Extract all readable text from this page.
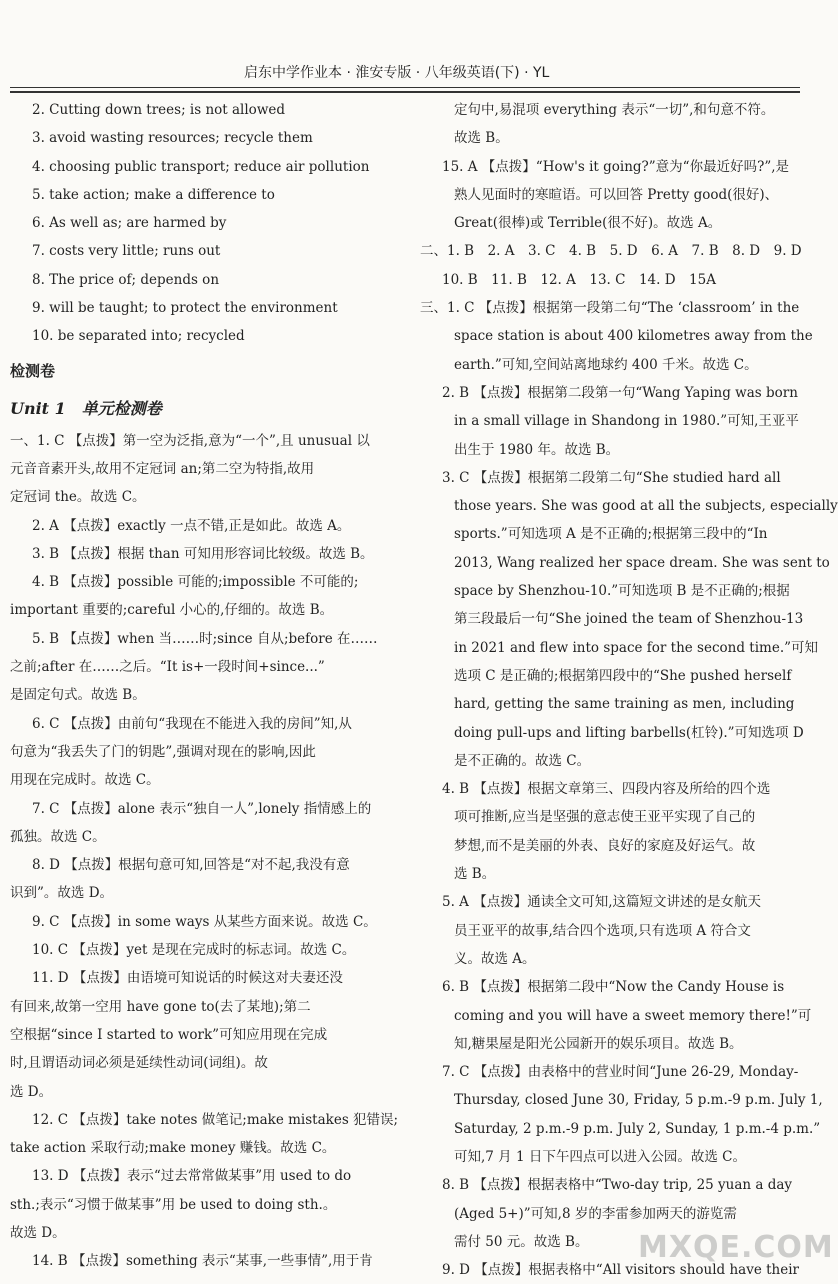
启东中学作业本 · 淮安专版 · 八年级英语(下) · YL
2. Cutting down trees; is not allowed
3. avoid wasting resources; recycle them
4. choosing public transport; reduce air pollution
5. take action; make a difference to
6. As well as; are harmed by
7. costs very little; runs out
8. The price of; depends on
9. will be taught; to protect the environment
10. be separated into; recycled
检测卷
Unit 1　单元检测卷
一、1. C 【点拨】第一空为泛指,意为“一个”,且 unusual 以
元音音素开头,故用不定冠词 an;第二空为特指,故用
定冠词 the。故选 C。
2. A 【点拨】exactly 一点不错,正是如此。故选 A。
3. B 【点拨】根据 than 可知用形容词比较级。故选 B。
4. B 【点拨】possible 可能的;impossible 不可能的;
important 重要的;careful 小心的,仔细的。故选 B。
5. B 【点拨】when 当……时;since 自从;before 在……
之前;after 在……之后。“It is+一段时间+since...”
是固定句式。故选 B。
6. C 【点拨】由前句“我现在不能进入我的房间”知,从
句意为“我丢失了门的钥匙”,强调对现在的影响,因此
用现在完成时。故选 C。
7. C 【点拨】alone 表示“独自一人”,lonely 指情感上的
孤独。故选 C。
8. D 【点拨】根据句意可知,回答是“对不起,我没有意
识到”。故选 D。
9. C 【点拨】in some ways 从某些方面来说。故选 C。
10. C 【点拨】yet 是现在完成时的标志词。故选 C。
11. D 【点拨】由语境可知说话的时候这对夫妻还没
有回来,故第一空用 have gone to(去了某地);第二
空根据“since I started to work”可知应用现在完成
时,且谓语动词必须是延续性动词(词组)。故
选 D。
12. C 【点拨】take notes 做笔记;make mistakes 犯错误;
take action 采取行动;make money 赚钱。故选 C。
13. D 【点拨】表示“过去常常做某事”用 used to do
sth.;表示“习惯于做某事”用 be used to doing sth.。
故选 D。
14. B 【点拨】something 表示“某事,一些事情”,用于肯
定句中,易混项 everything 表示“一切”,和句意不符。
故选 B。
15. A 【点拨】“How's it going?”意为“你最近好吗?”,是
熟人见面时的寒暄语。可以回答 Pretty good(很好)、
Great(很棒)或 Terrible(很不好)。故选 A。
二、1. B　2. A　3. C　4. B　5. D　6. A　7. B　8. D　9. D
10. B　11. B　12. A　13. C　14. D　15A
三、1. C 【点拨】根据第一段第二句“The ‘classroom’ in the
space station is about 400 kilometres away from the
earth.”可知,空间站离地球约 400 千米。故选 C。
2. B 【点拨】根据第二段第一句“Wang Yaping was born
in a small village in Shandong in 1980.”可知,王亚平
出生于 1980 年。故选 B。
3. C 【点拨】根据第二段第二句“She studied hard all
those years. She was good at all the subjects, especially
sports.”可知选项 A 是不正确的;根据第三段中的“In
2013, Wang realized her space dream. She was sent to
space by Shenzhou-10.”可知选项 B 是不正确的;根据
第三段最后一句“She joined the team of Shenzhou-13
in 2021 and flew into space for the second time.”可知
选项 C 是正确的;根据第四段中的“She pushed herself
hard, getting the same training as men, including
doing pull-ups and lifting barbells(杠铃).”可知选项 D
是不正确的。故选 C。
4. B 【点拨】根据文章第三、四段内容及所给的四个选
项可推断,应当是坚强的意志使王亚平实现了自己的
梦想,而不是美丽的外表、良好的家庭及好运气。故
选 B。
5. A 【点拨】通读全文可知,这篇短文讲述的是女航天
员王亚平的故事,结合四个选项,只有选项 A 符合文
义。故选 A。
6. B 【点拨】根据第二段中“Now the Candy House is
coming and you will have a sweet memory there!”可
知,糖果屋是阳光公园新开的娱乐项目。故选 B。
7. C 【点拨】由表格中的营业时间“June 26-29, Monday-
Thursday, closed June 30, Friday, 5 p.m.-9 p.m. July 1,
Saturday, 2 p.m.-9 p.m. July 2, Sunday, 1 p.m.-4 p.m.”
可知,7 月 1 日下午四点可以进入公园。故选 C。
8. B 【点拨】根据表格中“Two-day trip, 25 yuan a day
(Aged 5+)”可知,8 岁的李雷参加两天的游览需
需付 50 元。故选 B。
9. D 【点拨】根据表格中“All visitors should have their
MXQE.COM
